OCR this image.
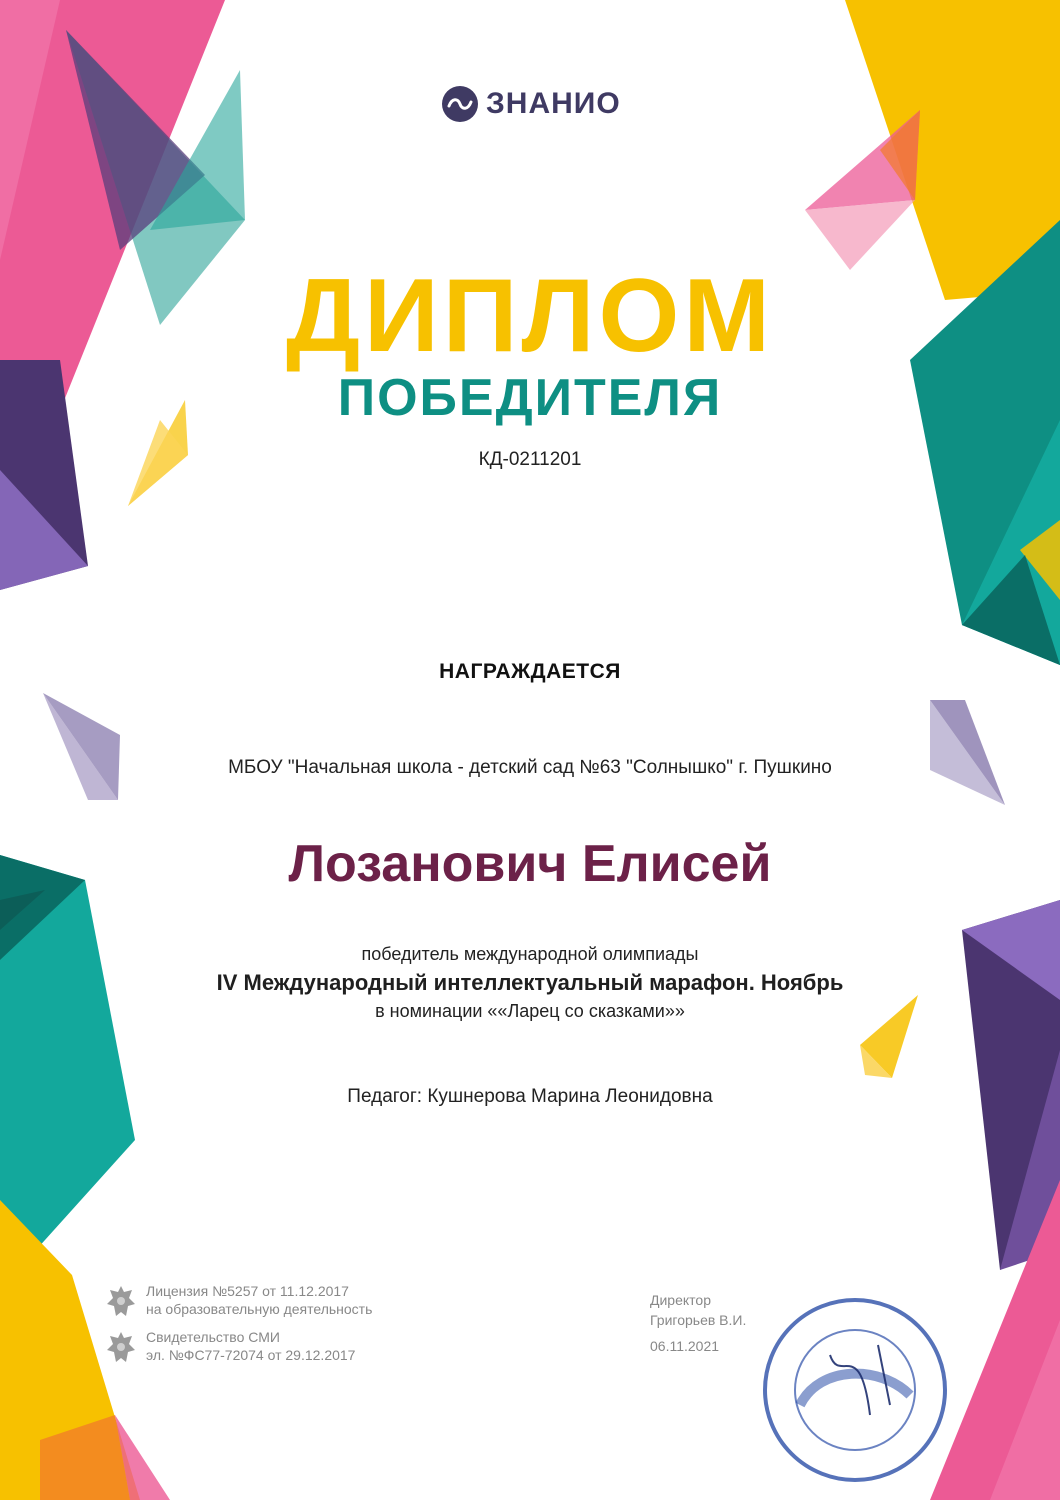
ЗНАНИО
ДИПЛОМ
ПОБЕДИТЕЛЯ
КД-0211201
НАГРАЖДАЕТСЯ
МБОУ "Начальная школа - детский сад №63 "Солнышко" г. Пушкино
Лозанович Елисей
победитель международной олимпиады
IV Международный интеллектуальный марафон. Ноябрь
в номинации ««Ларец со сказками»»
Педагог: Кушнерова Марина Леонидовна
Лицензия №5257 от 11.12.2017
на образовательную деятельность
Свидетельство СМИ
эл. №ФС77-72074 от 29.12.2017
Директор
Григорьев В.И.
06.11.2021
